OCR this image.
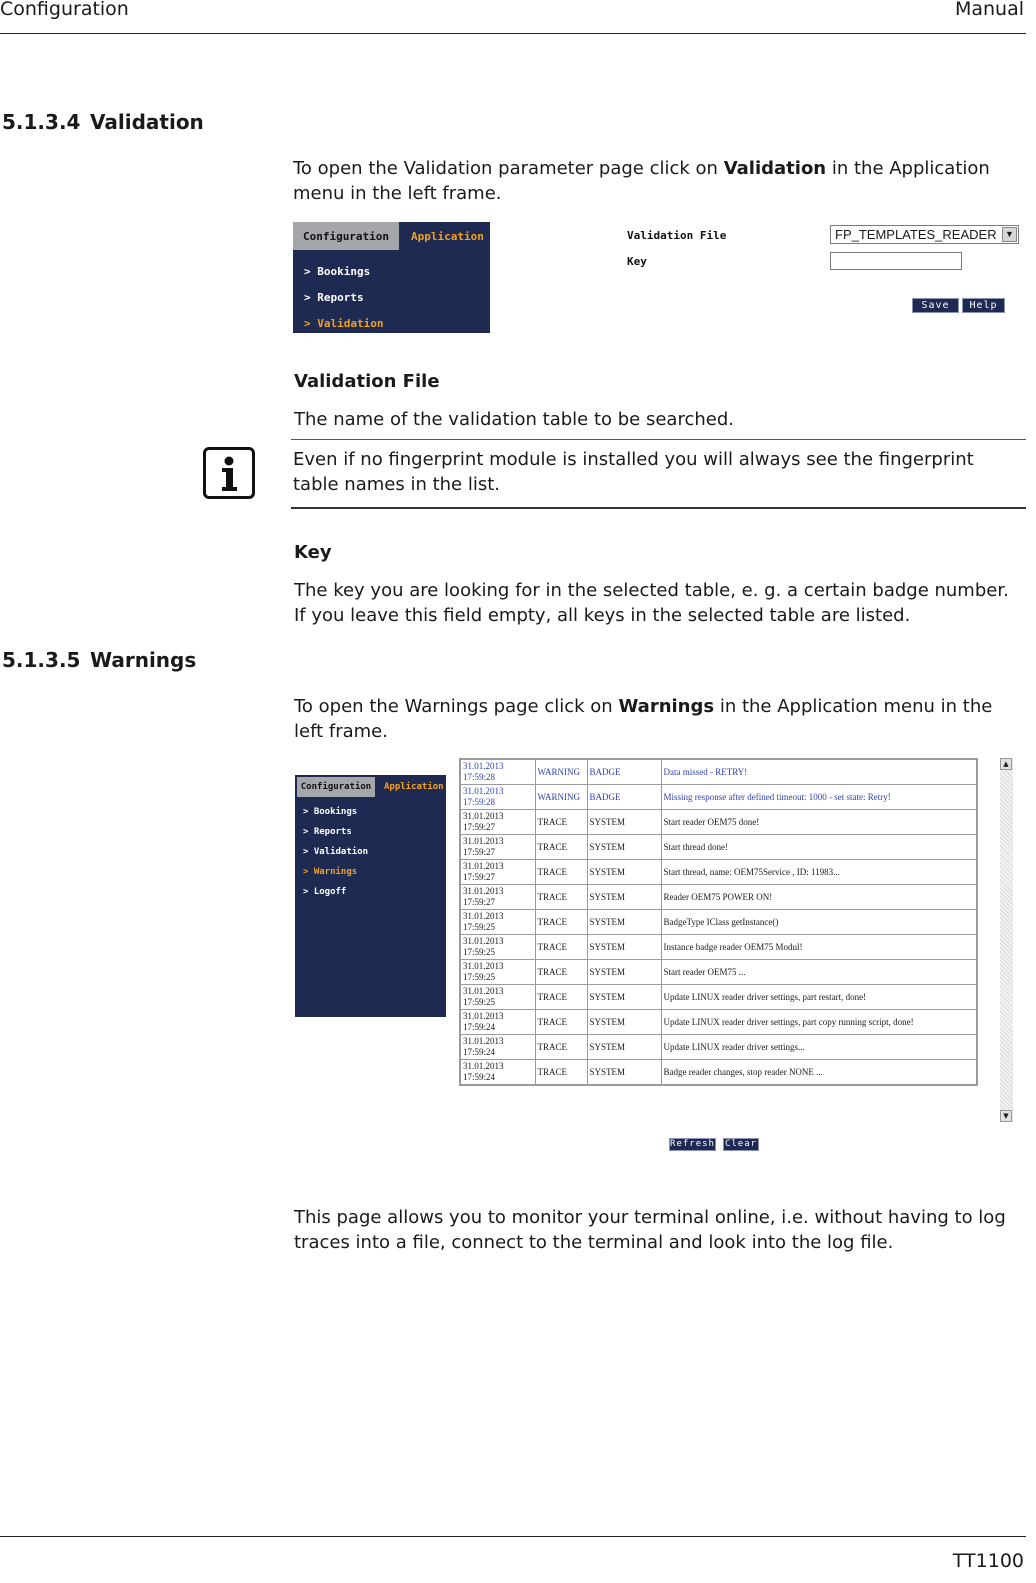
Configuration	Manual
5.1.3.4 Validation
To open the Validation parameter page click on Validation in the Application menu in the left frame.
Configuration	Application
> Bookings
> Reports
> Validation
Validation File	FP_TEMPLATES_READER ▼
Key
Save	Help
Validation File
The name of the validation table to be searched.
Even if no fingerprint module is installed you will always see the fingerprint table names in the list.
Key
The key you are looking for in the selected table, e. g. a certain badge number. If you leave this field empty, all keys in the selected table are listed.
5.1.3.5 Warnings
To open the Warnings page click on Warnings in the Application menu in the left frame.
Configuration	Application
> Bookings
> Reports
> Validation
> Warnings
> Logoff
31.01.2013
17:59:28	WARNING	BADGE	Data missed - RETRY!

31.01.2013
17:59:28	WARNING	BADGE	Missing response after defined timeout: 1000 - set state: Retry!

31.01.2013
17:59:27	TRACE	SYSTEM	Start reader OEM75 done!

31.01.2013
17:59:27	TRACE	SYSTEM	Start thread done!

31.01.2013
17:59:27	TRACE	SYSTEM	Start thread, name: OEM75Service , ID: 11983...

31.01.2013
17:59:27	TRACE	SYSTEM	Reader OEM75 POWER ON!

31.01.2013
17:59:25	TRACE	SYSTEM	BadgeType IClass getInstance()

31.01.2013
17:59:25	TRACE	SYSTEM	Instance badge reader OEM75 Modul!

31.01.2013
17:59:25	TRACE	SYSTEM	Start reader OEM75 ...

31.01.2013
17:59:25	TRACE	SYSTEM	Update LINUX reader driver settings, part restart, done!

31.01.2013
17:59:24	TRACE	SYSTEM	Update LINUX reader driver settings, part copy running script, done!

31.01.2013
17:59:24	TRACE	SYSTEM	Update LINUX reader driver settings...

31.01.2013
17:59:24	TRACE	SYSTEM	Badge reader changes, stop reader NONE ...
▲
▼
Refresh Clear
This page allows you to monitor your terminal online, i.e. without having to log traces into a file, connect to the terminal and look into the log file.
TT1100
